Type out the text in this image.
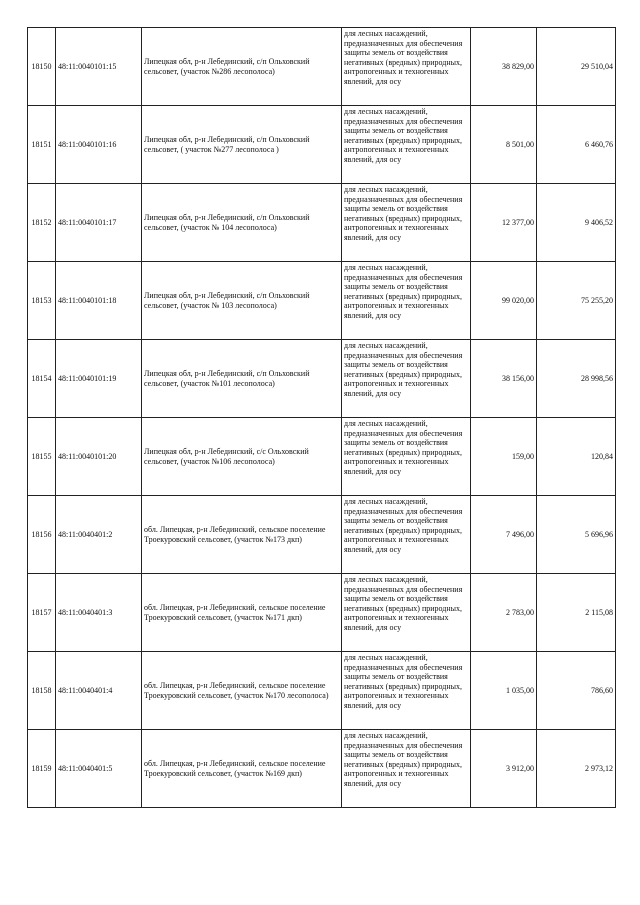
18150	48:11:0040101:15	Липецкая обл, р-н Лебединский, с/п Ольховский сельсовет, (участок №286 лесополоса)	для лесных насаждений, предназначенных для обеспечения защиты земель от воздействия негативных (вредных) природных, антропогенных и техногенных явлений, для осу	38 829,00	29 510,04
18151	48:11:0040101:16	Липецкая обл, р-н Лебединский, с/п Ольховский сельсовет, ( участок №277 лесополоса )	для лесных насаждений, предназначенных для обеспечения защиты земель от воздействия негативных (вредных) природных, антропогенных и техногенных явлений, для осу	8 501,00	6 460,76
18152	48:11:0040101:17	Липецкая обл, р-н Лебединский, с/п Ольховский сельсовет, (участок № 104 лесополоса)	для лесных насаждений, предназначенных для обеспечения защиты земель от воздействия негативных (вредных) природных, антропогенных и техногенных явлений, для осу	12 377,00	9 406,52
18153	48:11:0040101:18	Липецкая обл, р-н Лебединский, с/п Ольховский сельсовет, (участок № 103 лесополоса)	для лесных насаждений, предназначенных для обеспечения защиты земель от воздействия негативных (вредных) природных, антропогенных и техногенных явлений, для осу	99 020,00	75 255,20
18154	48:11:0040101:19	Липецкая обл, р-н Лебединский, с/п Ольховский сельсовет, (участок №101 лесополоса)	для лесных насаждений, предназначенных для обеспечения защиты земель от воздействия негативных (вредных) природных, антропогенных и техногенных явлений, для осу	38 156,00	28 998,56
18155	48:11:0040101:20	Липецкая обл, р-н Лебединский, с/с Ольховский сельсовет, (участок №106 лесополоса)	для лесных насаждений, предназначенных для обеспечения защиты земель от воздействия негативных (вредных) природных, антропогенных и техногенных явлений, для осу	159,00	120,84
18156	48:11:0040401:2	обл. Липецкая, р-н Лебединский, сельское поселение Троекуровский сельсовет, (участок №173 дкп)	для лесных насаждений, предназначенных для обеспечения защиты земель от воздействия негативных (вредных) природных, антропогенных и техногенных явлений, для осу	7 496,00	5 696,96
18157	48:11:0040401:3	обл. Липецкая, р-н Лебединский, сельское поселение Троекуровский сельсовет, (участок №171 дкп)	для лесных насаждений, предназначенных для обеспечения защиты земель от воздействия негативных (вредных) природных, антропогенных и техногенных явлений, для осу	2 783,00	2 115,08
18158	48:11:0040401:4	обл. Липецкая, р-н Лебединский, сельское поселение Троекуровский сельсовет, (участок №170 лесополоса)	для лесных насаждений, предназначенных для обеспечения защиты земель от воздействия негативных (вредных) природных, антропогенных и техногенных явлений, для осу	1 035,00	786,60
18159	48:11:0040401:5	обл. Липецкая, р-н Лебединский, сельское поселение Троекуровский сельсовет, (участок №169 дкп)	для лесных насаждений, предназначенных для обеспечения защиты земель от воздействия негативных (вредных) природных, антропогенных и техногенных явлений, для осу	3 912,00	2 973,12
